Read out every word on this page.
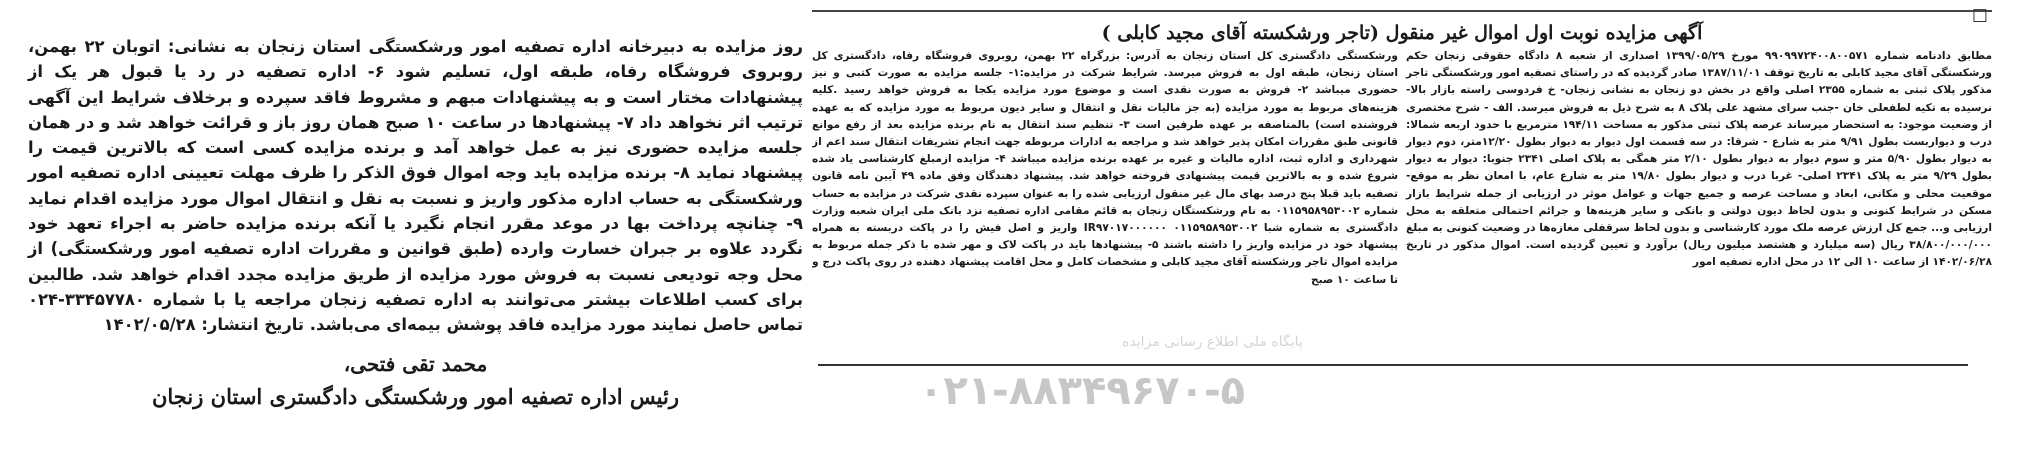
روز مزایده به دبیرخانه اداره تصفیه امور ورشکستگی استان زنجان به نشانی: اتوبان ۲۲ بهمن، روبروی فروشگاه رفاه، طبقه اول، تسلیم شود ۶- اداره تصفیه در رد یا قبول هر یک از پیشنهادات مختار است و به پیشنهادات مبهم و مشروط فاقد سپرده و برخلاف شرایط این آگهی ترتیب اثر نخواهد داد ۷- پیشنهادها در ساعت ۱۰ صبح همان روز باز و قرائت خواهد شد و در همان جلسه مزایده حضوری نیز به عمل خواهد آمد و برنده مزایده کسی است که بالاترین قیمت را پیشنهاد نماید ۸- برنده مزایده باید وجه اموال فوق الذکر را ظرف مهلت تعیینی اداره تصفیه امور ورشکستگی به حساب اداره مذکور واریز و نسبت به نقل و انتقال اموال مورد مزایده اقدام نماید ۹- چنانچه پرداخت بها در موعد مقرر انجام نگیرد یا آنکه برنده مزایده حاضر به اجراء تعهد خود نگردد علاوه بر جبران خسارت وارده (طبق قوانین و مقررات اداره تصفیه امور ورشکستگی) از محل وجه تودیعی نسبت به فروش مورد مزایده از طریق مزایده مجدد اقدام خواهد شد. طالبین برای کسب اطلاعات بیشتر می‌توانند به اداره تصفیه زنجان مراجعه یا با شماره ۳۳۴۵۷۷۸۰-۰۲۴ تماس حاصل نمایند مورد مزایده فاقد پوشش بیمه‌ای می‌باشد. تاریخ انتشار: ۱۴۰۲/۰۵/۲۸

محمد تقی فتحی،
رئیس اداره تصفیه امور ورشکستگی دادگستری استان زنجان
☐
آگهی مزایده نوبت اول اموال غیر منقول (تاجر ورشکسته آقای مجید کابلی )

مطابق دادنامه شماره ۹۹۰۹۹۷۲۴۰۰۸۰۰۵۷۱ مورخ ۱۳۹۹/۰۵/۲۹ اصداری از شعبه ۸ دادگاه حقوقی زنجان حکم ورشکستگی آقای مجید کابلی به تاریخ توقف ۱۳۸۷/۱۱/۰۱ صادر گردیده که در راستای تصفیه امور ورشکستگی تاجر مذکور پلاک ثبتی به شماره ۲۳۵۵ اصلی واقع در بخش دو زنجان به نشانی زنجان- خ فردوسی راسته بازار بالا- نرسیده به تکیه لطفعلی خان -جنب سرای مشهد علی پلاک ۸ به شرح ذیل به فروش میرسد. الف - شرح مختصری از وضعیت موجود: به استحضار میرساند عرصه پلاک ثبتی مذکور به مساحت ۱۹۴/۱۱ مترمربع با حدود اربعه شمالا: درب و دیواربست بطول ۹/۹۱ متر به شارع - شرقا: در سه قسمت اول دیوار به دیوار بطول ۱۲/۲۰متر، دوم دیوار به دیوار بطول ۵/۹۰ متر و سوم دیوار به دیوار بطول ۲/۱۰ متر همگی به پلاک اصلی ۲۳۴۱ جنوبا: دیوار به دیوار بطول ۹/۲۹ متر به پلاک ۲۳۴۱ اصلی- غربا درب و دیوار بطول ۱۹/۸۰ متر به شارع عام، با امعان نظر به موقع- موقعیت محلی و مکانی، ابعاد و مساحت عرصه و جمیع جهات و عوامل موثر در ارزیابی از جمله شرایط بازار مسکن در شرایط کنونی و بدون لحاظ دیون دولتی و بانکی و سایر هزینه‌ها و جرائم احتمالی متعلقه به محل ارزیابی و... جمع کل ارزش عرصه ملک مورد کارشناسی و بدون لحاظ سرقفلی مغازه‌ها در وضعیت کنونی به مبلغ ۳۸/۸۰۰/۰۰۰/۰۰۰ ریال (سه میلیارد و هشتصد میلیون ریال) برآورد و تعیین گردیده است. اموال مذکور در تاریخ ۱۴۰۲/۰۶/۲۸ از ساعت ۱۰ الی ۱۲ در محل اداره تصفیه امور

ورشکستگی دادگستری کل استان زنجان به آدرس: بزرگراه ۲۲ بهمن، روبروی فروشگاه رفاه، دادگستری کل استان زنجان، طبقه اول به فروش میرسد. شرایط شرکت در مزایده:۱- جلسه مزایده به صورت کتبی و نیز حضوری میباشد ۲- فروش به صورت نقدی است و موضوع مورد مزایده یکجا به فروش خواهد رسید .کلیه هزینه‌های مربوط به مورد مزایده (به جز مالیات نقل و انتقال و سایر دیون مربوط به مورد مزایده که به عهده فروشنده است) بالمناصفه بر عهده طرفین است ۳- تنظیم سند انتقال به نام برنده مزایده بعد از رفع موانع قانونی طبق مقررات امکان پذیر خواهد شد و مراجعه به ادارات مربوطه جهت انجام تشریفات انتقال سند اعم از شهرداری و اداره ثبت، اداره مالیات و غیره بر عهده برنده مزایده میباشد ۴- مزایده ازمبلغ کارشناسی یاد شده شروع شده و به بالاترین قیمت پیشنهادی فروخته خواهد شد. پیشنهاد دهندگان وفق ماده ۴۹ آیین نامه قانون تصفیه باید قبلا پنج درصد بهای مال غیر منقول ارزیابی شده را به عنوان سپرده نقدی شرکت در مزایده به حساب شماره ۰۱۱۵۹۵۸۹۵۳۰۰۲ به نام ورشکستگان زنجان به قائم مقامی اداره تصفیه نزد بانک ملی ایران شعبه وزارت دادگستری به شماره شبا ۰۱۱۵۹۵۸۹۵۳۰۰۲ IR۹۷۰۱۷۰۰۰۰۰۰ واریز و اصل فیش را در پاکت دربسته به همراه پیشنهاد خود در مزایده واریز را داشته باشند ۵- پیشنهادها باید در پاکت لاک و مهر شده با ذکر جمله مربوط به مزایده اموال تاجر ورشکسته آقای مجید کابلی و مشخصات کامل و محل اقامت پیشنهاد دهنده در روی پاکت درج و تا ساعت ۱۰ صبح

پایگاه ملی اطلاع رسانی مزایده
۰۲۱-۸۸۳۴۹۶۷۰-۵
